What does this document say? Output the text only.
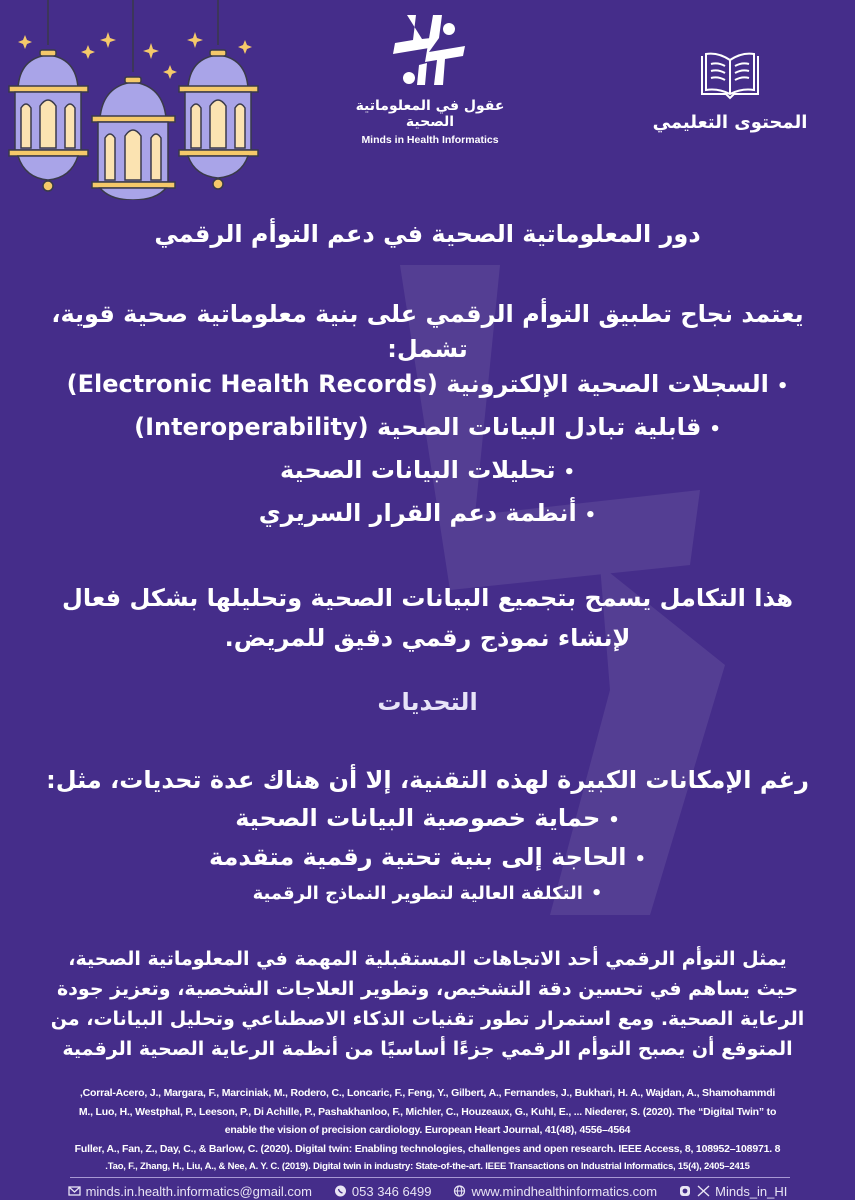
عقول في المعلوماتية الصحية
Minds in Health Informatics
المحتوى التعليمي
دور المعلوماتية الصحية في دعم التوأم الرقمي
يعتمد نجاح تطبيق التوأم الرقمي على بنية معلوماتية صحية قوية،
تشمل:
•السجلات الصحية الإلكترونية (Electronic Health Records)
•قابلية تبادل البيانات الصحية (Interoperability)
•تحليلات البيانات الصحية
•أنظمة دعم القرار السريري
هذا التكامل يسمح بتجميع البيانات الصحية وتحليلها بشكل فعال
لإنشاء نموذج رقمي دقيق للمريض.
التحديات
رغم الإمكانات الكبيرة لهذه التقنية، إلا أن هناك عدة تحديات، مثل:
•حماية خصوصية البيانات الصحية
•الحاجة إلى بنية تحتية رقمية متقدمة
•التكلفة العالية لتطوير النماذج الرقمية
يمثل التوأم الرقمي أحد الاتجاهات المستقبلية المهمة في المعلوماتية الصحية،
حيث يساهم في تحسين دقة التشخيص، وتطوير العلاجات الشخصية، وتعزيز جودة
الرعاية الصحية. ومع استمرار تطور تقنيات الذكاء الاصطناعي وتحليل البيانات، من
المتوقع أن يصبح التوأم الرقمي جزءًا أساسيًا من أنظمة الرعاية الصحية الرقمية
,Corral-Acero, J., Margara, F., Marciniak, M., Rodero, C., Loncaric, F., Feng, Y., Gilbert, A., Fernandes, J., Bukhari, H. A., Wajdan, A., Shamohammdi
M., Luo, H., Westphal, P., Leeson, P., Di Achille, P., Pashakhanloo, F., Michler, C., Houzeaux, G., Kuhl, E., ... Niederer, S. (2020). The “Digital Twin” to
enable the vision of precision cardiology. European Heart Journal, 41(48), 4556–4564
Fuller, A., Fan, Z., Day, C., & Barlow, C. (2020). Digital twin: Enabling technologies, challenges and open research. IEEE Access, 8, 108952–108971. 8
.Tao, F., Zhang, H., Liu, A., & Nee, A. Y. C. (2019). Digital twin in industry: State-of-the-art. IEEE Transactions on Industrial Informatics, 15(4), 2405–2415
minds.in.health.informatics@gmail.com	053 346 6499	www.mindhealthinformatics.com	Minds_in_HI
